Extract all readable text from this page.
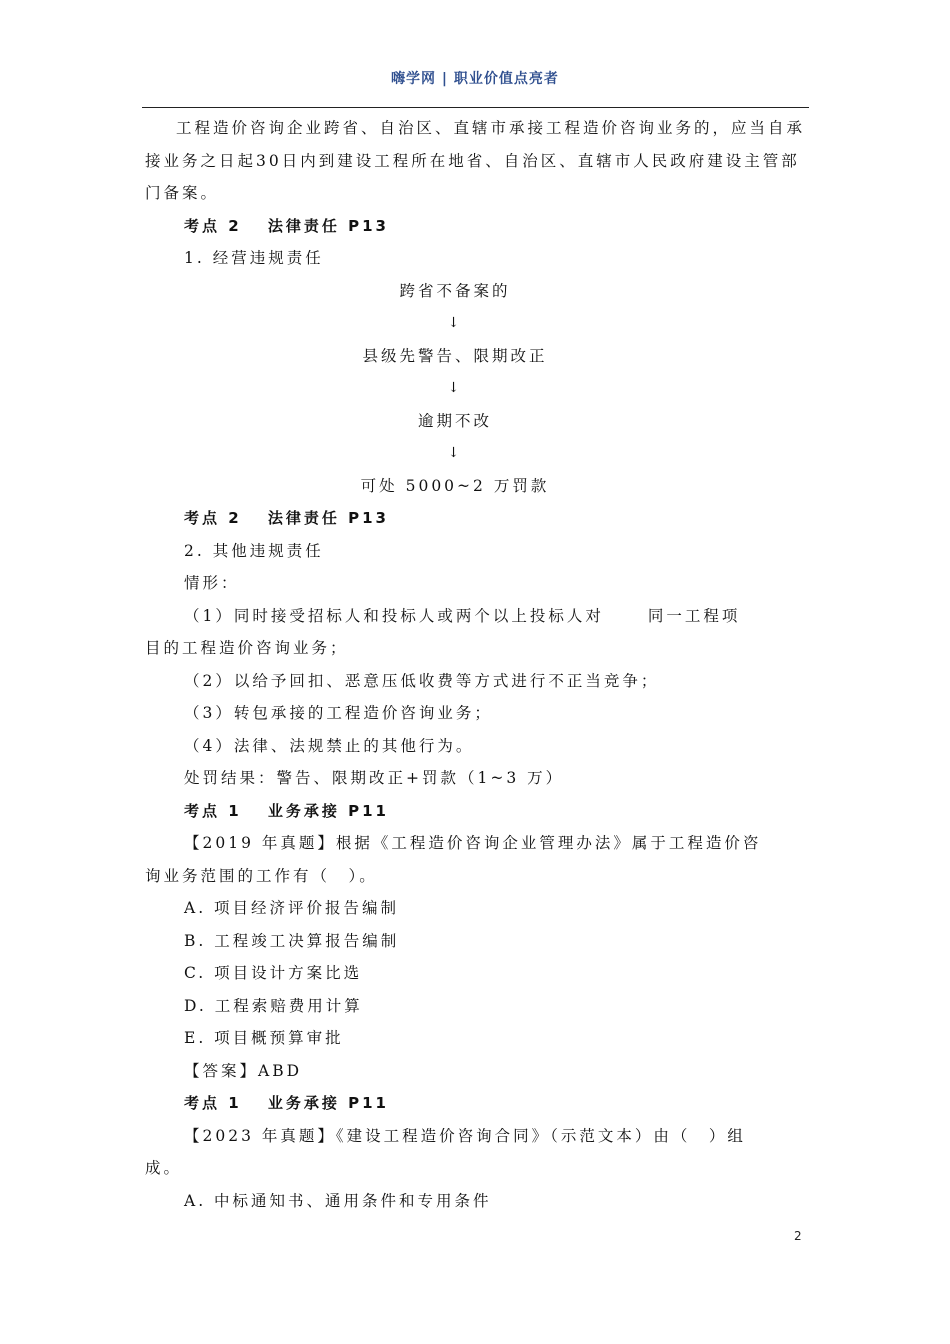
嗨学网 | 职业价值点亮者

工程造价咨询企业跨省、自治区、直辖市承接工程造价咨询业务的，应当自承接业务之日起30日内到建设工程所在地省、自治区、直辖市人民政府建设主管部门备案。

考点 2　 法律责任 P13
1. 经营违规责任
跨省不备案的
↓
县级先警告、限期改正
↓
逾期不改
↓
可处 5000~2 万罚款
考点 2　 法律责任 P13
2. 其他违规责任
情形：
（1）同时接受招标人和投标人或两个以上投标人对	同一工程项
目的工程造价咨询业务；
（2）以给予回扣、恶意压低收费等方式进行不正当竞争；
（3）转包承接的工程造价咨询业务；
（4）法律、法规禁止的其他行为。
处罚结果：警告、限期改正+罚款（1~3 万）
考点 1　 业务承接 P11
【2019 年真题】根据《工程造价咨询企业管理办法》属于工程造价咨
询业务范围的工作有（　）。
A. 项目经济评价报告编制
B. 工程竣工决算报告编制
C. 项目设计方案比选
D. 工程索赔费用计算
E. 项目概预算审批
【答案】ABD
考点 1　 业务承接 P11
【2023 年真题】《建设工程造价咨询合同》（示范文本）由（　）组
成。
A. 中标通知书、通用条件和专用条件
2
